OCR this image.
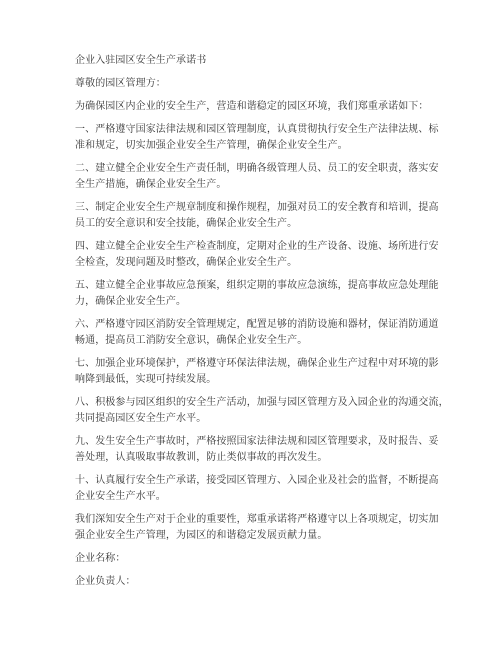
企业入驻园区安全生产承诺书

尊敬的园区管理方：

为确保园区内企业的安全生产，营造和谐稳定的园区环境，我们郑重承诺如下：

一、严格遵守国家法律法规和园区管理制度，认真贯彻执行安全生产法律法规、标

准和规定，切实加强企业安全生产管理，确保企业安全生产。

二、建立健全企业安全生产责任制，明确各级管理人员、员工的安全职责，落实安

全生产措施，确保企业安全生产。

三、制定企业安全生产规章制度和操作规程，加强对员工的安全教育和培训，提高

员工的安全意识和安全技能，确保企业安全生产。

四、建立健全企业安全生产检查制度，定期对企业的生产设备、设施、场所进行安

全检查，发现问题及时整改，确保企业安全生产。

五、建立健全企业事故应急预案，组织定期的事故应急演练，提高事故应急处理能

力，确保企业安全生产。

六、严格遵守园区消防安全管理规定，配置足够的消防设施和器材，保证消防通道

畅通，提高员工消防安全意识，确保企业安全生产。

七、加强企业环境保护，严格遵守环保法律法规，确保企业生产过程中对环境的影

响降到最低，实现可持续发展。

八、积极参与园区组织的安全生产活动，加强与园区管理方及入园企业的沟通交流，

共同提高园区安全生产水平。

九、发生安全生产事故时，严格按照国家法律法规和园区管理要求，及时报告、妥

善处理，认真吸取事故教训，防止类似事故的再次发生。

十、认真履行安全生产承诺，接受园区管理方、入园企业及社会的监督，不断提高

企业安全生产水平。

我们深知安全生产对于企业的重要性，郑重承诺将严格遵守以上各项规定，切实加

强企业安全生产管理，为园区的和谐稳定发展贡献力量。

企业名称：

企业负责人：
